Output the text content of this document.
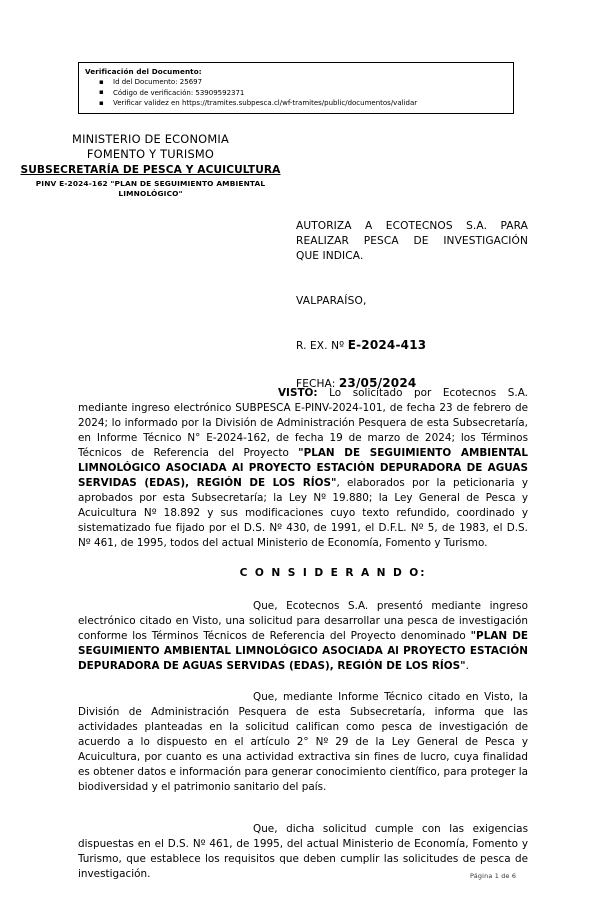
Verificación del Documento:
▪ Id del Documento: 25697
▪ Código de verificación: 53909592371
▪ Verificar validez en https://tramites.subpesca.cl/wf-tramites/public/documentos/validar
MINISTERIO DE ECONOMIA
FOMENTO Y TURISMO
SUBSECRETARÍA DE PESCA Y ACUICULTURA
PINV E-2024-162 "PLAN DE SEGUIMIENTO AMBIENTAL LIMNOLÓGICO"
AUTORIZA A ECOTECNOS S.A. PARA
REALIZAR PESCA DE INVESTIGACIÓN
QUE INDICA.
VALPARAÍSO,
R. EX. Nº E-2024-413
FECHA: 23/05/2024

VISTO: Lo solicitado por Ecotecnos S.A. mediante ingreso electrónico SUBPESCA E-PINV-2024-101, de fecha 23 de febrero de 2024; lo informado por la División de Administración Pesquera de esta Subsecretaría, en Informe Técnico N° E-2024-162, de fecha 19 de marzo de 2024; los Términos Técnicos de Referencia del Proyecto "PLAN DE SEGUIMIENTO AMBIENTAL LIMNOLÓGICO ASOCIADA Al PROYECTO ESTACIÓN DEPURADORA DE AGUAS SERVIDAS (EDAS), REGIÓN DE LOS RÍOS", elaborados por la peticionaria y aprobados por esta Subsecretaría; la Ley Nº 19.880; la Ley General de Pesca y Acuicultura Nº 18.892 y sus modificaciones cuyo texto refundido, coordinado y sistematizado fue fijado por el D.S. Nº 430, de 1991, el D.F.L. Nº 5, de 1983, el D.S. Nº 461, de 1995, todos del actual Ministerio de Economía, Fomento y Turismo.

C O N S I D E R A N D O:

Que, Ecotecnos S.A. presentó mediante ingreso electrónico citado en Visto, una solicitud para desarrollar una pesca de investigación conforme los Términos Técnicos de Referencia del Proyecto denominado "PLAN DE SEGUIMIENTO AMBIENTAL LIMNOLÓGICO ASOCIADA Al PROYECTO ESTACIÓN DEPURADORA DE AGUAS SERVIDAS (EDAS), REGIÓN DE LOS RÍOS".

Que, mediante Informe Técnico citado en Visto, la División de Administración Pesquera de esta Subsecretaría, informa que las actividades planteadas en la solicitud califican como pesca de investigación de acuerdo a lo dispuesto en el artículo 2° Nº 29 de la Ley General de Pesca y Acuicultura, por cuanto es una actividad extractiva sin fines de lucro, cuya finalidad es obtener datos e información para generar conocimiento científico, para proteger la biodiversidad y el patrimonio sanitario del país.

Que, dicha solicitud cumple con las exigencias dispuestas en el D.S. Nº 461, de 1995, del actual Ministerio de Economía, Fomento y Turismo, que establece los requisitos que deben cumplir las solicitudes de pesca de investigación.	Página 1 de 6
